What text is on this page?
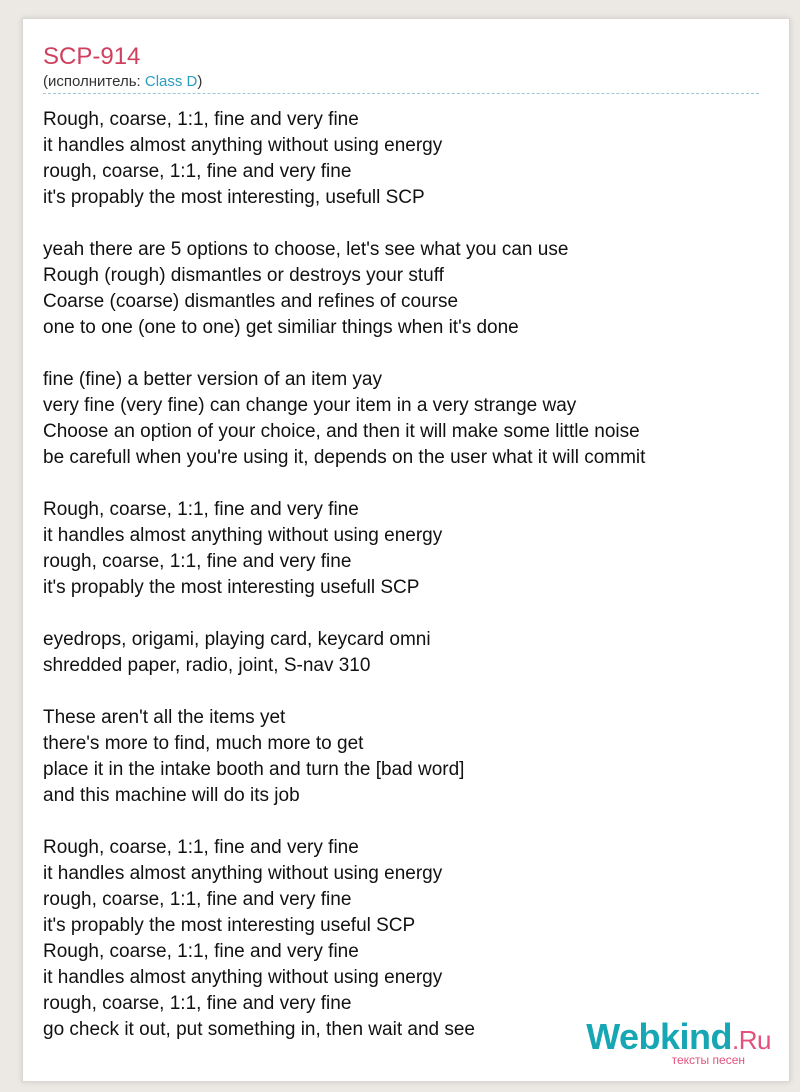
SCP-914
(исполнитель: Class D)
Rough, coarse, 1:1, fine and very fine
it handles almost anything without using energy
rough, coarse, 1:1, fine and very fine
it's propably the most interesting, usefull SCP
yeah there are 5 options to choose, let's see what you can use
Rough (rough) dismantles or destroys your stuff
Coarse (coarse) dismantles and refines of course
one to one (one to one) get similiar things when it's done
fine (fine) a better version of an item yay
very fine (very fine) can change your item in a very strange way
Choose an option of your choice, and then it will make some little noise
be carefull when you're using it, depends on the user what it will commit
Rough, coarse, 1:1, fine and very fine
it handles almost anything without using energy
rough, coarse, 1:1, fine and very fine
it's propably the most interesting usefull SCP
eyedrops, origami, playing card, keycard omni
shredded paper, radio, joint, S-nav 310
These aren't all the items yet
there's more to find, much more to get
place it in the intake booth and turn the [bad word]
and this machine will do its job
Rough, coarse, 1:1, fine and very fine
it handles almost anything without using energy
rough, coarse, 1:1, fine and very fine
it's propably the most interesting useful SCP
Rough, coarse, 1:1, fine and very fine
it handles almost anything without using energy
rough, coarse, 1:1, fine and very fine
go check it out, put something in, then wait and see	Webkind.Ru
тексты песен
